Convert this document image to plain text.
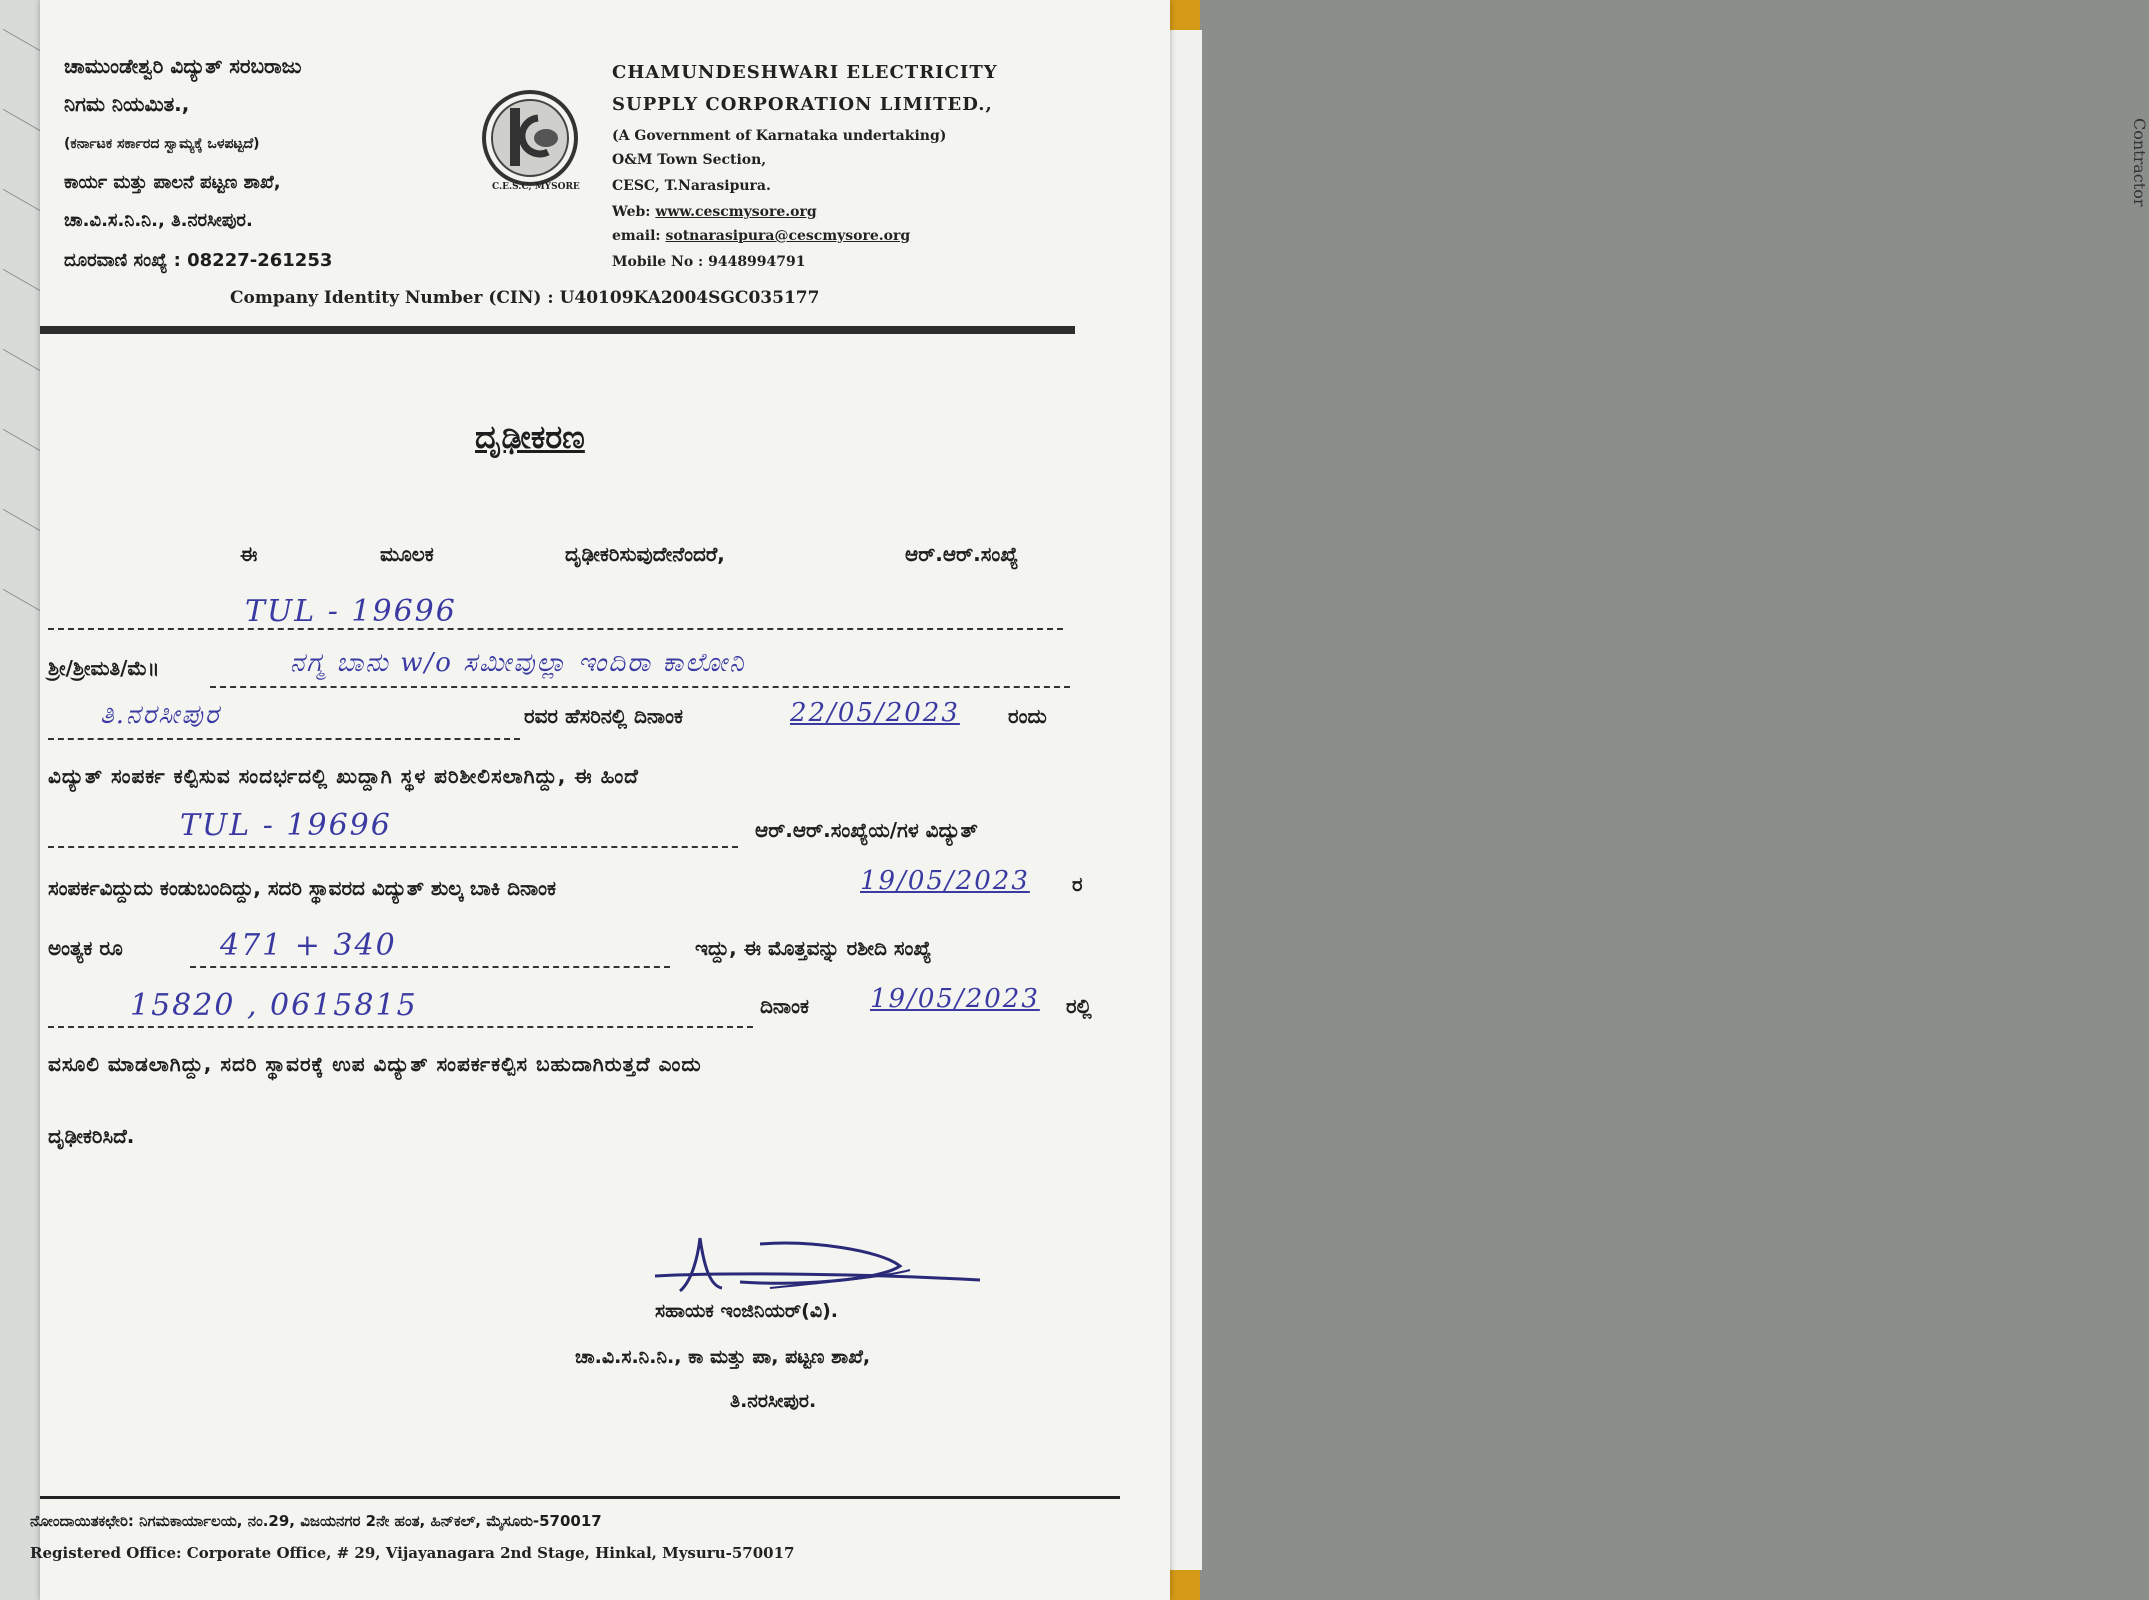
Contractor
ಚಾಮುಂಡೇಶ್ವರಿ ವಿದ್ಯುತ್ ಸರಬರಾಜು
ನಿಗಮ ನಿಯಮಿತ.,
(ಕರ್ನಾಟಕ ಸರ್ಕಾರದ ಸ್ವಾಮ್ಯಕ್ಕೆ ಒಳಪಟ್ಟದೆ)
ಕಾರ್ಯ ಮತ್ತು ಪಾಲನೆ ಪಟ್ಟಣ ಶಾಖೆ,
ಚಾ.ವಿ.ಸ.ನಿ.ನಿ., ತಿ.ನರಸೀಪುರ.
ದೂರವಾಣಿ ಸಂಖ್ಯೆ : 08227-261253
C.E.S.C, MYSORE
CHAMUNDESHWARI ELECTRICITY
SUPPLY CORPORATION LIMITED.,
(A Government of Karnataka undertaking)
O&M Town Section,
CESC, T.Narasipura.
Web: www.cescmysore.org
email: sotnarasipura@cescmysore.org
Mobile No : 9448994791
Company Identity Number (CIN) : U40109KA2004SGC035177
ದೃಢೀಕರಣ
ಈ	ಮೂಲಕ	ದೃಢೀಕರಿಸುವುದೇನೆಂದರೆ,	ಆರ್.ಆರ್.ಸಂಖ್ಯೆ
TUL - 19696
ಶ್ರೀ/ಶ್ರೀಮತಿ/ಮೆ॥	ನಗ್ಮ ಬಾನು w/o ಸಮೀವುಲ್ಲಾ ಇಂದಿರಾ ಕಾಲೋನಿ
ತಿ.ನರಸೀಪುರ	ರವರ ಹೆಸರಿನಲ್ಲಿ ದಿನಾಂಕ	22/05/2023 ರಂದು
ವಿದ್ಯುತ್ ಸಂಪರ್ಕ ಕಲ್ಪಿಸುವ ಸಂದರ್ಭದಲ್ಲಿ ಖುದ್ದಾಗಿ ಸ್ಥಳ ಪರಿಶೀಲಿಸಲಾಗಿದ್ದು, ಈ ಹಿಂದೆ
TUL - 19696	ಆರ್.ಆರ್.ಸಂಖ್ಯೆಯ/ಗಳ ವಿದ್ಯುತ್
ಸಂಪರ್ಕವಿದ್ದುದು ಕಂಡುಬಂದಿದ್ದು, ಸದರಿ ಸ್ಥಾವರದ ವಿದ್ಯುತ್ ಶುಲ್ಕ ಬಾಕಿ ದಿನಾಂಕ	19/05/2023 ರ
ಅಂತ್ಯಕ ರೂ	471 + 340	ಇದ್ದು, ಈ ಮೊತ್ತವನ್ನು ರಶೀದಿ ಸಂಖ್ಯೆ
15820 , 0615815	ದಿನಾಂಕ 19/05/2023 ರಲ್ಲಿ
ವಸೂಲಿ ಮಾಡಲಾಗಿದ್ದು, ಸದರಿ ಸ್ಥಾವರಕ್ಕೆ ಉಪ ವಿದ್ಯುತ್ ಸಂಪರ್ಕಕಲ್ಪಿಸ ಬಹುದಾಗಿರುತ್ತದೆ ಎಂದು
ದೃಢೀಕರಿಸಿದೆ.
ಸಹಾಯಕ ಇಂಜಿನಿಯರ್(ವಿ).
ಚಾ.ವಿ.ಸ.ನಿ.ನಿ., ಕಾ ಮತ್ತು ಪಾ, ಪಟ್ಟಣ ಶಾಖೆ,
ತಿ.ನರಸೀಪುರ.
ನೋಂದಾಯಿತಕಛೇರಿ: ನಿಗಮಕಾರ್ಯಾಲಯ, ನಂ.29, ವಿಜಯನಗರ 2ನೇ ಹಂತ, ಹಿನ್‌ಕಲ್, ಮೈಸೂರು-570017
Registered Office: Corporate Office, # 29, Vijayanagara 2nd Stage, Hinkal, Mysuru-570017
